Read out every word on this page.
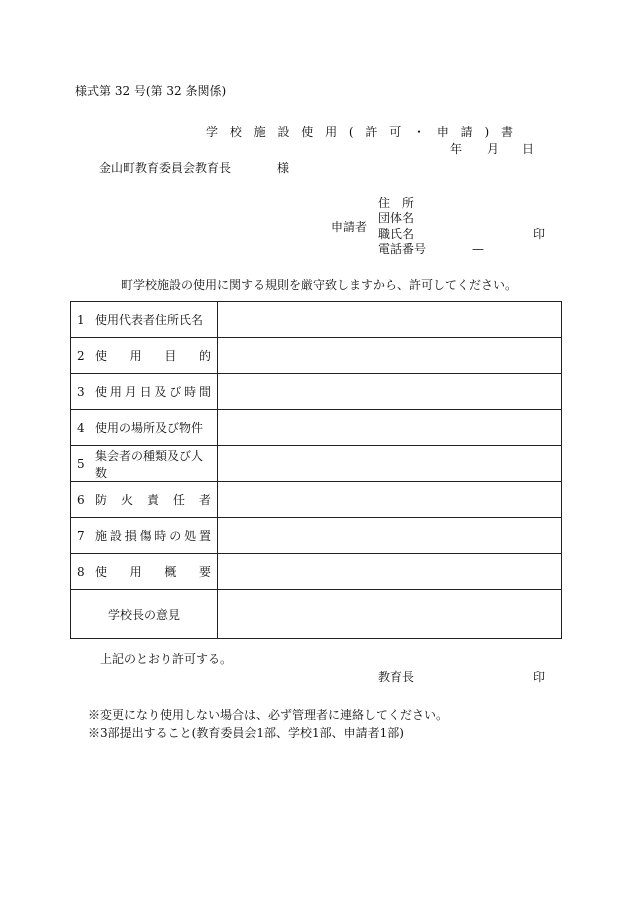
様式第 32 号(第 32 条関係)
学 校 施 設 使 用 ( 許 可 ・ 申 請 ) 書
年 月 日
金山町教育委員会教育長	様
申請者
住　所
団体名
職氏名	印
電話番号	—
町学校施設の使用に関する規則を厳守致しますから、許可してください。
1 使用代表者住所氏名	

2 使用目的	

3 使用月日及び時間	

4 使用の場所及び物件	

5
集会者の種類及び人数	

6 防火責任者	

7 施設損傷時の処置	

8 使用概要	

学校長の意見	
上記のとおり許可する。
教育長	印
※変更になり使用しない場合は、必ず管理者に連絡してください。
※3部提出すること(教育委員会1部、学校1部、申請者1部)
